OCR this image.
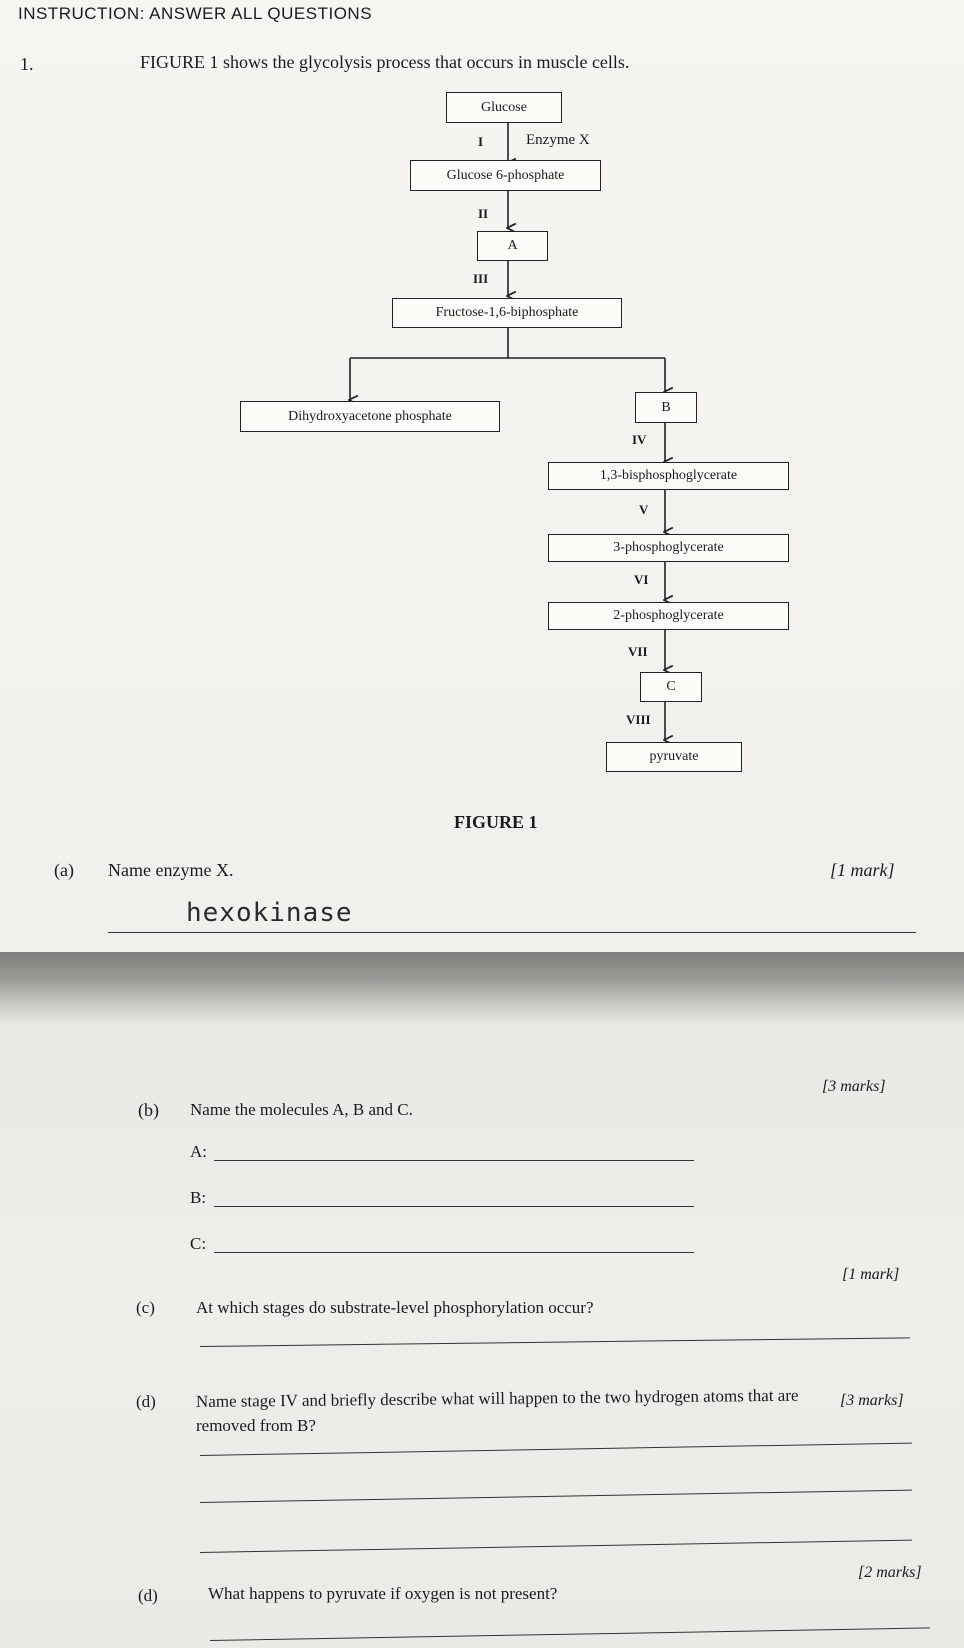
INSTRUCTION: ANSWER ALL QUESTIONS
1.	FIGURE 1 shows the glycolysis process that occurs in muscle cells.
Glucose
Glucose 6-phosphate
A
Fructose-1,6-biphosphate
Dihydroxyacetone phosphate
B
1,3-bisphosphoglycerate
3-phosphoglycerate
2-phosphoglycerate
C
pyruvate
I	Enzyme X
II
III
IV
V
VI
VII
VIII
FIGURE 1
(a) Name enzyme X.	[1 mark]
hexokinase
(b) Name the molecules A, B and C.
[3 marks]
A:
B:
C:
(c) At which stages do substrate-level phosphorylation occur?
[1 mark]
(d) Name stage IV and briefly describe what will happen to the two hydrogen atoms that are
removed from B?
[3 marks]
(d)	What happens to pyruvate if oxygen is not present?
[2 marks]
